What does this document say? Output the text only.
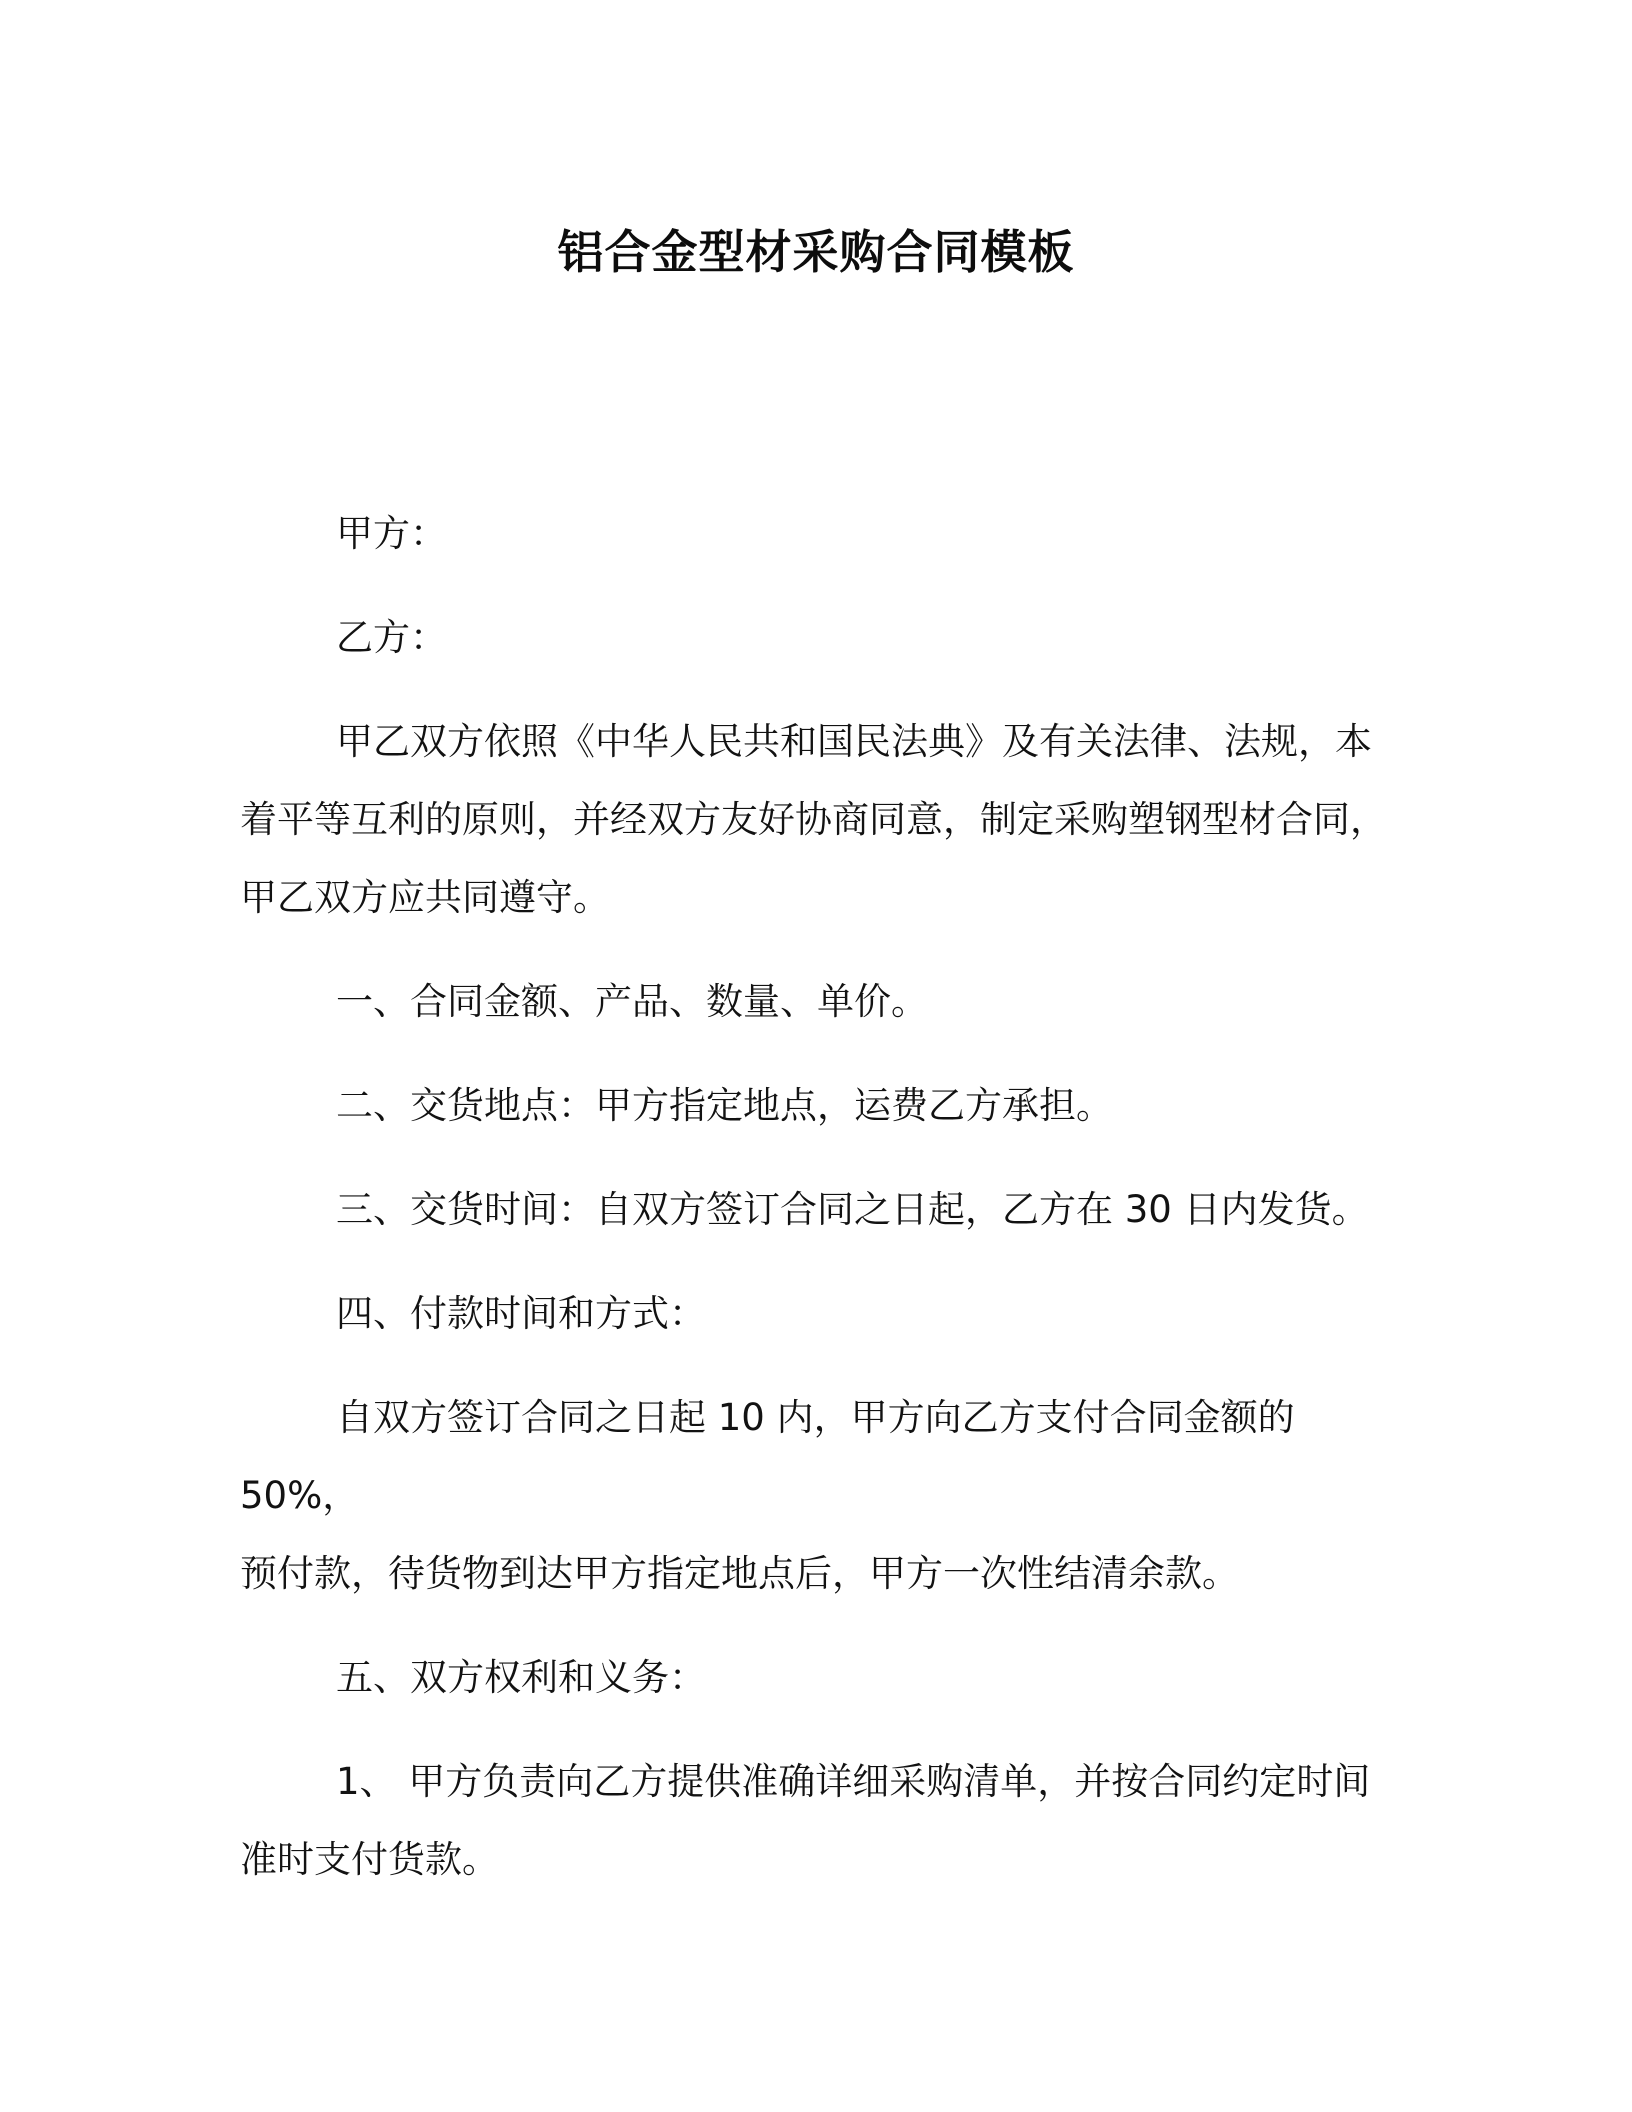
铝合金型材采购合同模板
甲方：
乙方：
甲乙双方依照《中华人民共和国民法典》及有关法律、法规，本
着平等互利的原则，并经双方友好协商同意，制定采购塑钢型材合同，
甲乙双方应共同遵守。
一、合同金额、产品、数量、单价。
二、交货地点：甲方指定地点，运费乙方承担。
三、交货时间：自双方签订合同之日起，乙方在 30 日内发货。
四、付款时间和方式：
自双方签订合同之日起 10 内，甲方向乙方支付合同金额的 50%，
预付款，待货物到达甲方指定地点后，甲方一次性结清余款。
五、双方权利和义务：
1、 甲方负责向乙方提供准确详细采购清单，并按合同约定时间
准时支付货款。
